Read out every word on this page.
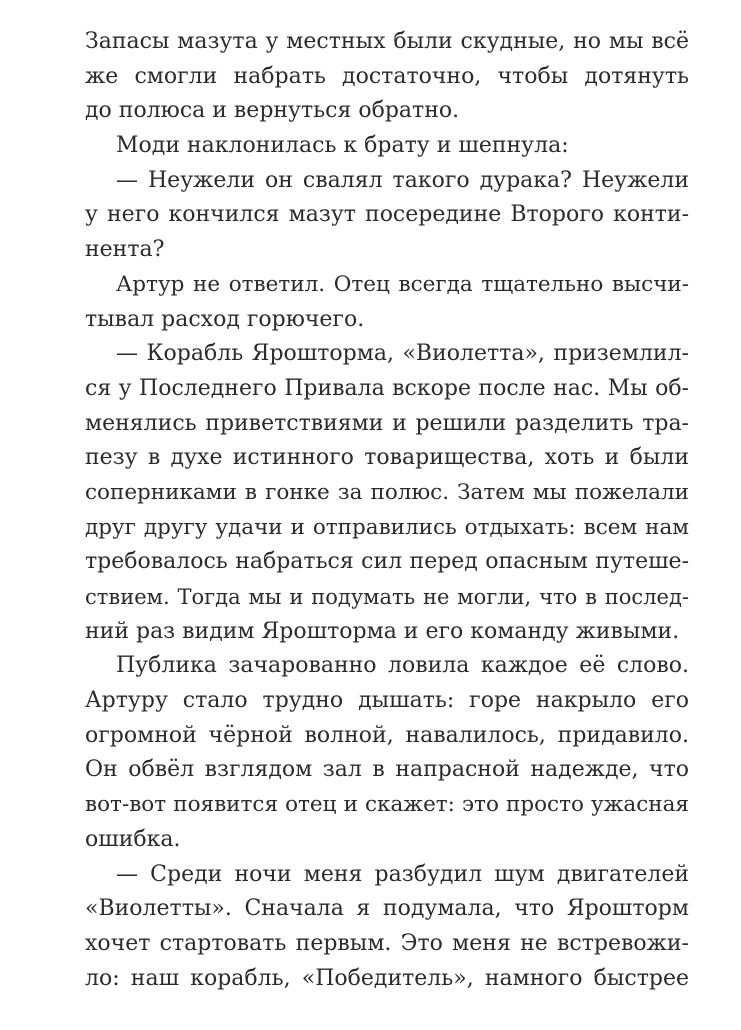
Запасы мазута у местных были скудные, но мы всё
же смогли набрать достаточно, чтобы дотянуть
до полюса и вернуться обратно.
Моди наклонилась к брату и шепнула:
— Неужели он свалял такого дурака? Неужели
у него кончился мазут посередине Второго конти-
нента?
Артур не ответил. Отец всегда тщательно высчи-
тывал расход горючего.
— Корабль Ярошторма, «Виолетта», приземлил-
ся у Последнего Привала вскоре после нас. Мы об-
менялись приветствиями и решили разделить тра-
пезу в духе истинного товарищества, хоть и были
соперниками в гонке за полюс. Затем мы пожелали
друг другу удачи и отправились отдыхать: всем нам
требовалось набраться сил перед опасным путеше-
ствием. Тогда мы и подумать не могли, что в послед-
ний раз видим Ярошторма и его команду живыми.
Публика зачарованно ловила каждое её слово.
Артуру стало трудно дышать: горе накрыло его
огромной чёрной волной, навалилось, придавило.
Он обвёл взглядом зал в напрасной надежде, что
вот-вот появится отец и скажет: это просто ужасная
ошибка.
— Среди ночи меня разбудил шум двигателей
«Виолетты». Сначала я подумала, что Ярошторм
хочет стартовать первым. Это меня не встревожи-
ло: наш корабль, «Победитель», намного быстрее
